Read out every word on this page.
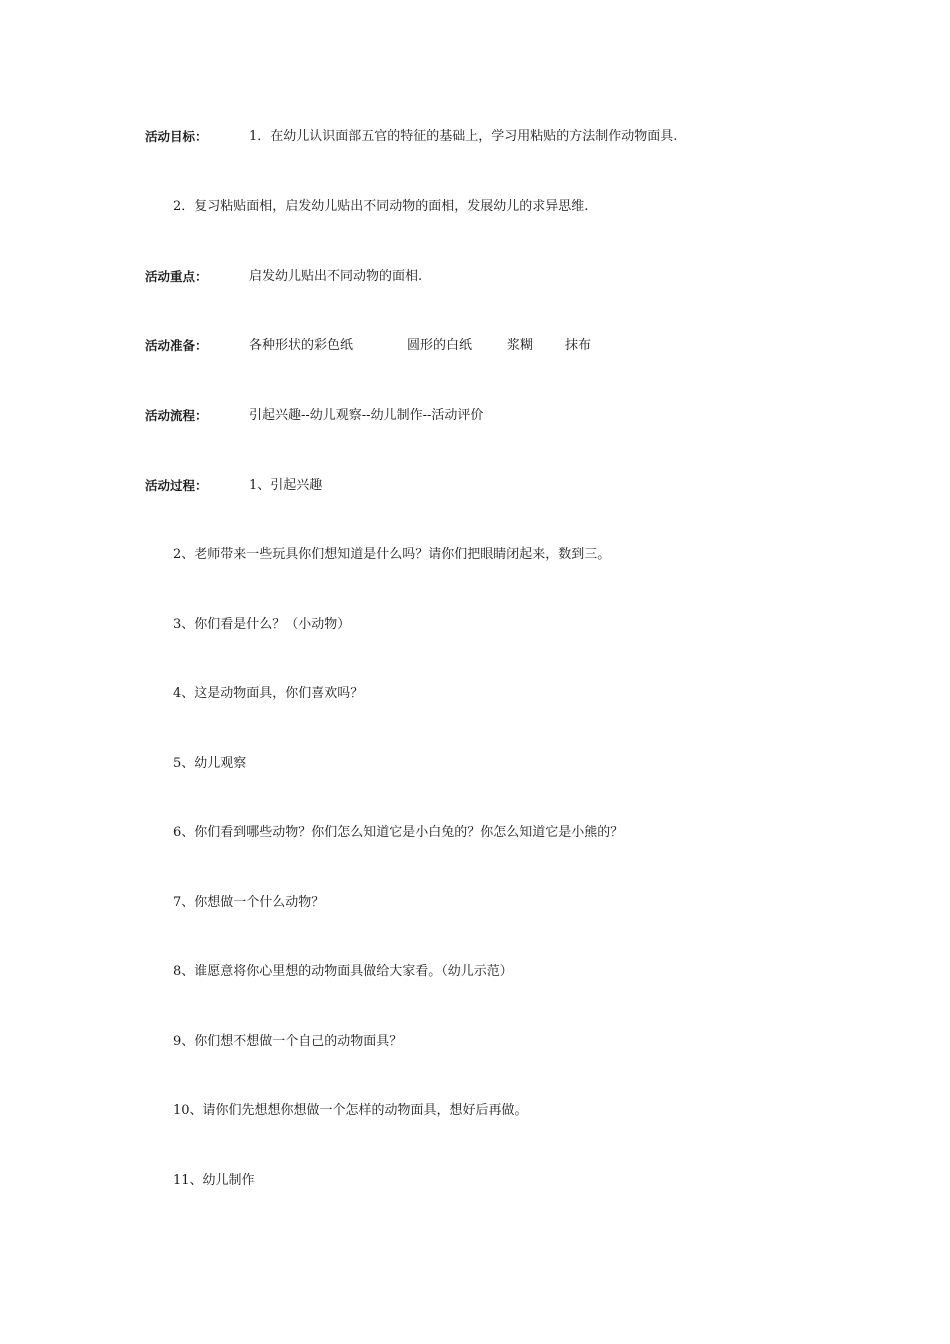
活动目标：	1．在幼儿认识面部五官的特征的基础上，学习用粘贴的方法制作动物面具.
2．复习粘贴面相，启发幼儿贴出不同动物的面相，发展幼儿的求异思维.
活动重点：	启发幼儿贴出不同动物的面相.
活动准备：	各种形状的彩色纸	圆形的白纸	浆糊 抹布
活动流程：	引起兴趣--幼儿观察--幼儿制作--活动评价
活动过程：	1、引起兴趣
2、老师带来一些玩具你们想知道是什么吗？请你们把眼睛闭起来，数到三。
3、你们看是什么？（小动物）
4、这是动物面具，你们喜欢吗？
5、幼儿观察
6、你们看到哪些动物？你们怎么知道它是小白兔的？你怎么知道它是小熊的？
7、你想做一个什么动物？
8、谁愿意将你心里想的动物面具做给大家看。（幼儿示范）
9、你们想不想做一个自己的动物面具？
10、请你们先想想你想做一个怎样的动物面具，想好后再做。
11、幼儿制作
